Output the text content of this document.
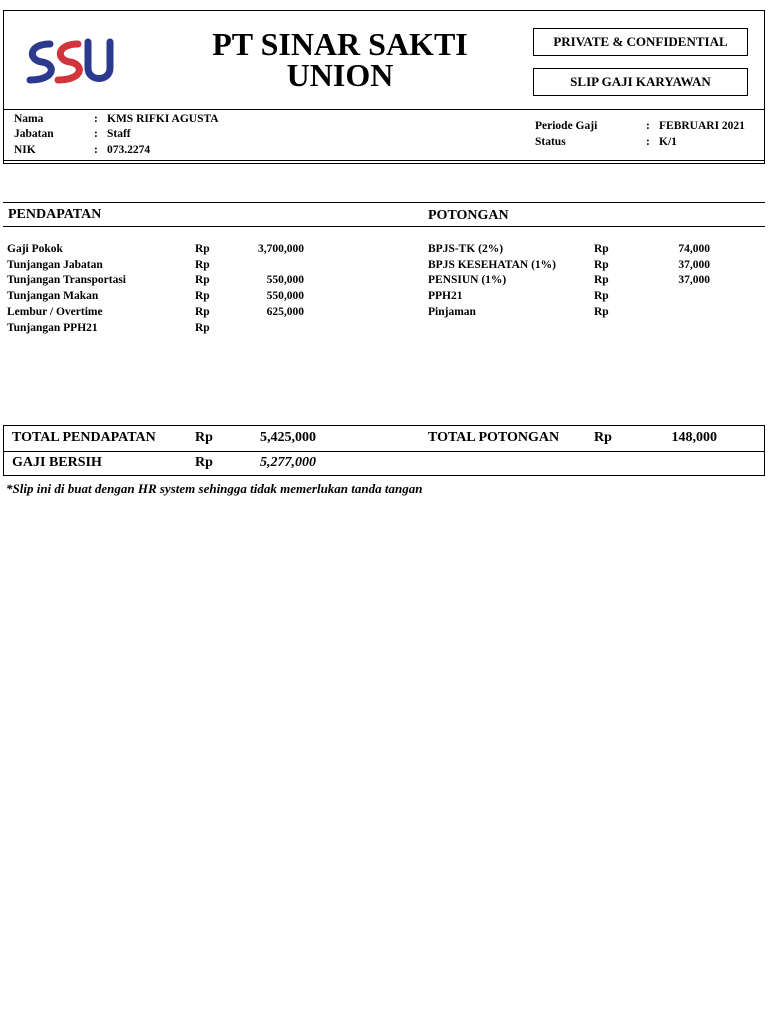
PT SINAR SAKTI
UNION
PRIVATE & CONFIDENTIAL
SLIP GAJI KARYAWAN
Nama	: KMS RIFKI AGUSTA
Jabatan	: Staff
NIK	: 073.2274
Periode Gaji	: FEBRUARI 2021
Status	: K/1
PENDAPATAN	POTONGAN
Gaji Pokok	Rp	3,700,000
Tunjangan Jabatan	Rp
Tunjangan Transportasi	Rp	550,000
Tunjangan Makan	Rp	550,000
Lembur / Overtime	Rp	625,000
Tunjangan PPH21	Rp
BPJS-TK (2%)	Rp	74,000
BPJS KESEHATAN (1%)	Rp	37,000
PENSIUN (1%)	Rp	37,000
PPH21	Rp
Pinjaman	Rp
TOTAL PENDAPATAN	Rp	5,425,000	TOTAL POTONGAN Rp	148,000
GAJI BERSIH	Rp	5,277,000
*Slip ini di buat dengan HR system sehingga tidak memerlukan tanda tangan
